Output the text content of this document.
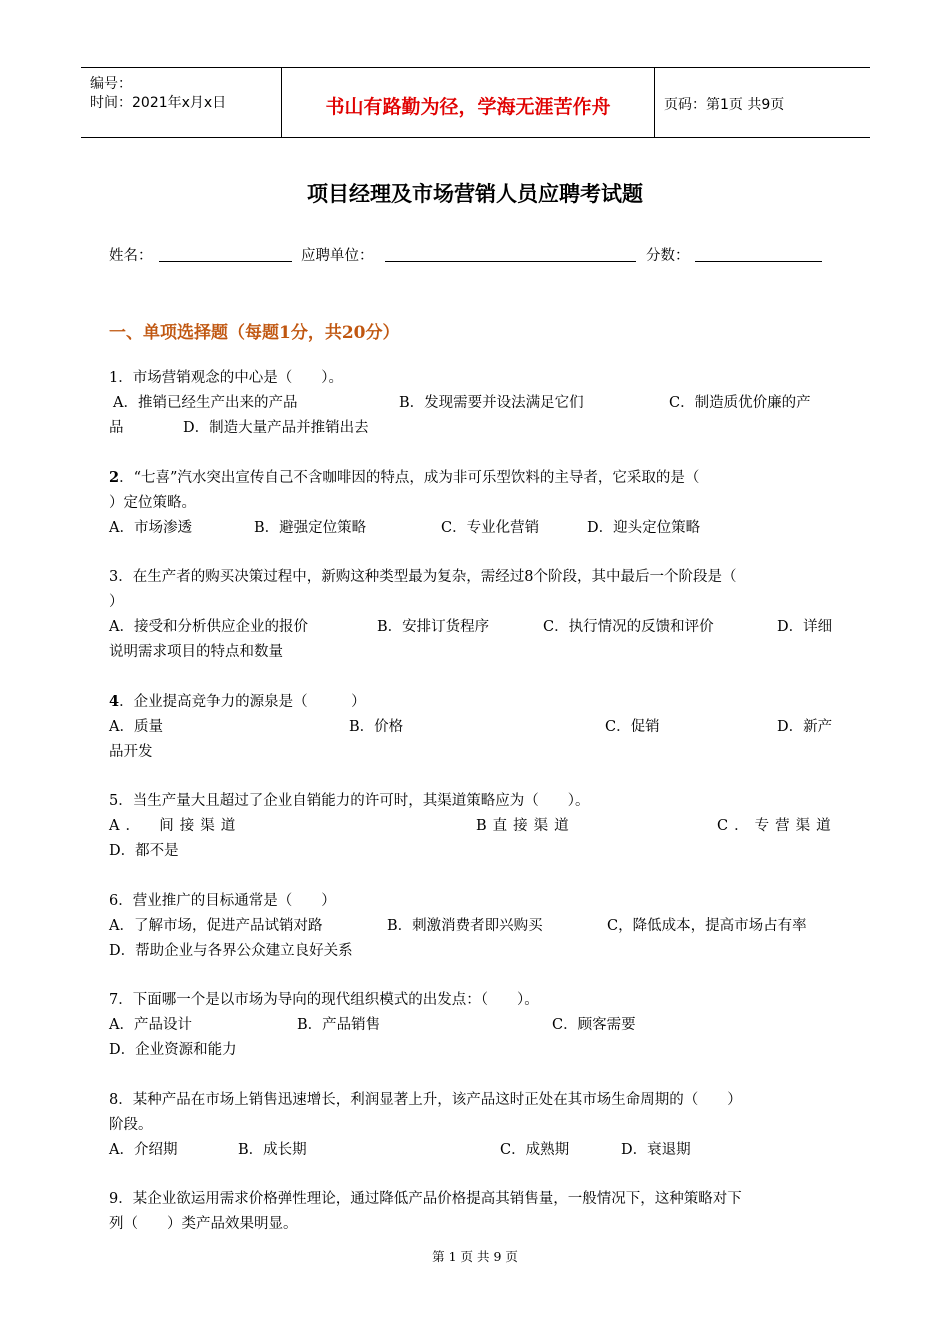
编号：
时间：2021年x月x日	书山有路勤为径，学海无涯苦作舟	页码：第1页 共9页
项目经理及市场营销人员应聘考试题
姓名：	应聘单位：	分数：
一、单项选择题（每题1分，共20分）
1．市场营销观念的中心是（　　）。
A．推销已经生产出来的产品	B．发现需要并设法满足它们	C．制造质优价廉的产
品	D．制造大量产品并推销出去
2．“七喜”汽水突出宣传自己不含咖啡因的特点，成为非可乐型饮料的主导者，它采取的是（
）定位策略。
A．市场渗透	B．避强定位策略	C．专业化营销	D．迎头定位策略
3．在生产者的购买决策过程中，新购这种类型最为复杂，需经过8个阶段，其中最后一个阶段是（
）
A．接受和分析供应企业的报价	B．安排订货程序	C．执行情况的反馈和评价	D．详细
说明需求项目的特点和数量
4．企业提高竞争力的源泉是（　　　）
A．质量	B．价格	C．促销	D．新产
品开发
5．当生产量大且超过了企业自销能力的许可时，其渠道策略应为（　　）。
A．　间接渠道	B直接渠道	C．专营渠道
D．都不是
6．营业推广的目标通常是（　　）
A．了解市场，促进产品试销对路	B．刺激消费者即兴购买	C，降低成本，提高市场占有率
D．帮助企业与各界公众建立良好关系
7．下面哪一个是以市场为导向的现代组织模式的出发点：（　　）。
A．产品设计	B．产品销售	C．顾客需要
D．企业资源和能力
8．某种产品在市场上销售迅速增长，利润显著上升，该产品这时正处在其市场生命周期的（　　）
阶段。
A．介绍期	B．成长期	C．成熟期	D．衰退期
9．某企业欲运用需求价格弹性理论，通过降低产品价格提高其销售量，一般情况下，这种策略对下
列（　　）类产品效果明显。
第 1 页 共 9 页
